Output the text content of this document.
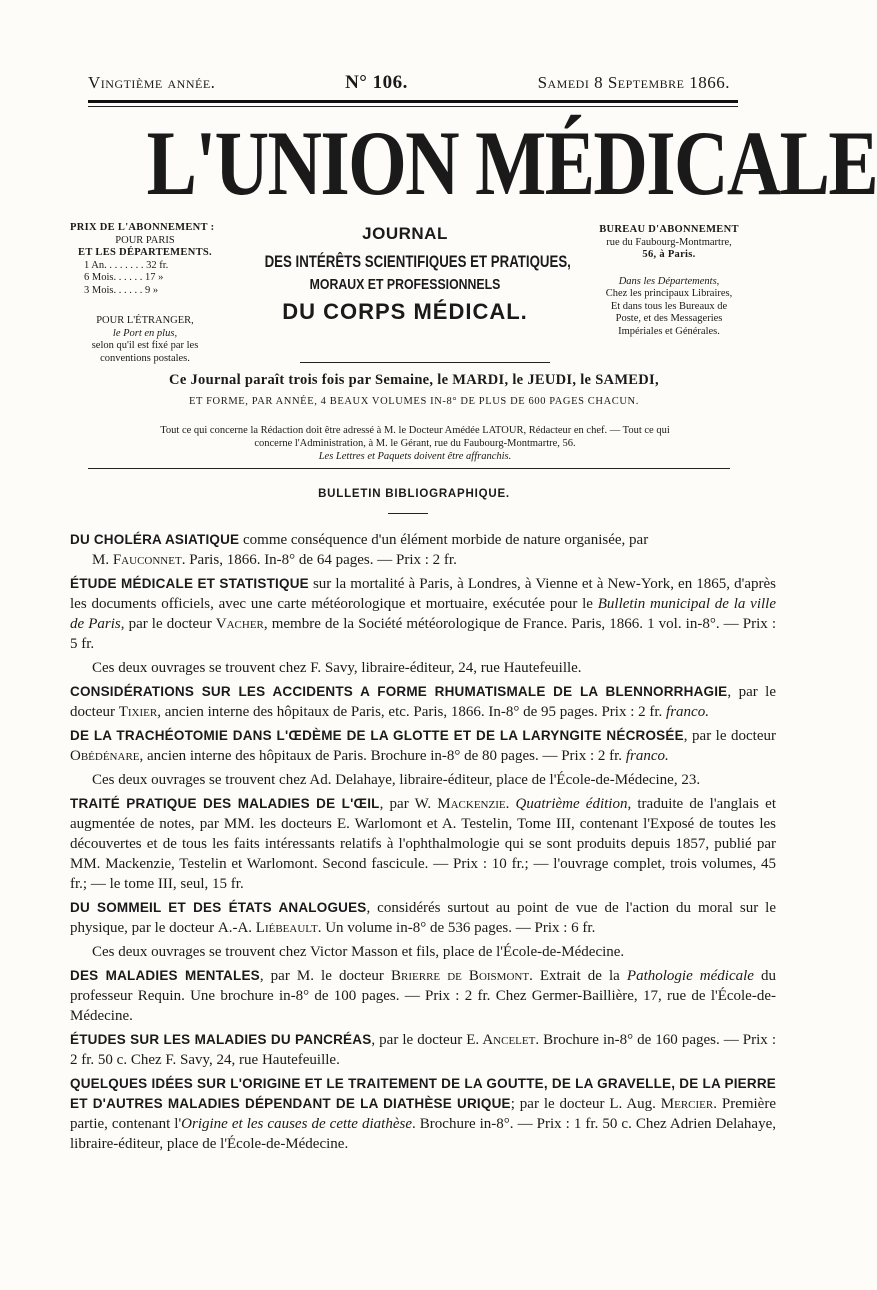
Vingtième année.	N° 106.	Samedi 8 Septembre 1866.
L'UNION MÉDICALE
PRIX DE L'ABONNEMENT :
POUR PARIS
ET LES DÉPARTEMENTS.
1 An. . . . . . . . 32 fr.
6 Mois. . . . . . 17 »
3 Mois. . . . . . 9 »
POUR L'ÉTRANGER,
le Port en plus,
selon qu'il est fixé par les
conventions postales.
JOURNAL
DES INTÉRÊTS SCIENTIFIQUES ET PRATIQUES,
MORAUX ET PROFESSIONNELS
DU CORPS MÉDICAL.
BUREAU D'ABONNEMENT
rue du Faubourg-Montmartre,
56, à Paris.
Dans les Départements,
Chez les principaux Libraires,
Et dans tous les Bureaux de
Poste, et des Messageries
Impériales et Générales.
Ce Journal paraît trois fois par Semaine, le MARDI, le JEUDI, le SAMEDI,
ET FORME, PAR ANNÉE, 4 BEAUX VOLUMES IN-8° DE PLUS DE 600 PAGES CHACUN.
Tout ce qui concerne la Rédaction doit être adressé à M. le Docteur Amédée LATOUR, Rédacteur en chef. — Tout ce qui
concerne l'Administration, à M. le Gérant, rue du Faubourg-Montmartre, 56.
Les Lettres et Paquets doivent être affranchis.
BULLETIN BIBLIOGRAPHIQUE.
DU CHOLÉRA ASIATIQUE comme conséquence d'un élément morbide de nature organisée, par
M. Fauconnet. Paris, 1866. In-8° de 64 pages. — Prix : 2 fr.
ÉTUDE MÉDICALE ET STATISTIQUE sur la mortalité à Paris, à Londres, à Vienne et à New-York, en 1865, d'après les documents officiels, avec une carte météorologique et mortuaire, exécutée pour le Bulletin municipal de la ville de Paris, par le docteur Vacher, membre de la Société météorologique de France. Paris, 1866. 1 vol. in-8°. — Prix : 5 fr.
Ces deux ouvrages se trouvent chez F. Savy, libraire-éditeur, 24, rue Hautefeuille.
CONSIDÉRATIONS SUR LES ACCIDENTS A FORME RHUMATISMALE DE LA BLENNORRHAGIE, par le docteur Tixier, ancien interne des hôpitaux de Paris, etc. Paris, 1866. In-8° de 95 pages. Prix : 2 fr. franco.
DE LA TRACHÉOTOMIE DANS L'ŒDÈME DE LA GLOTTE ET DE LA LARYNGITE NÉCROSÉE, par le docteur Obédénare, ancien interne des hôpitaux de Paris. Brochure in-8° de 80 pages. — Prix : 2 fr. franco.
Ces deux ouvrages se trouvent chez Ad. Delahaye, libraire-éditeur, place de l'École-de-Médecine, 23.
TRAITÉ PRATIQUE DES MALADIES DE L'ŒIL, par W. Mackenzie. Quatrième édition, traduite de l'anglais et augmentée de notes, par MM. les docteurs E. Warlomont et A. Testelin, Tome III, contenant l'Exposé de toutes les découvertes et de tous les faits intéressants relatifs à l'ophthalmologie qui se sont produits depuis 1857, publié par MM. Mackenzie, Testelin et Warlomont. Second fascicule. — Prix : 10 fr.; — l'ouvrage complet, trois volumes, 45 fr.; — le tome III, seul, 15 fr.
DU SOMMEIL ET DES ÉTATS ANALOGUES, considérés surtout au point de vue de l'action du moral sur le physique, par le docteur A.-A. Liébeault. Un volume in-8° de 536 pages. — Prix : 6 fr.
Ces deux ouvrages se trouvent chez Victor Masson et fils, place de l'École-de-Médecine.
DES MALADIES MENTALES, par M. le docteur Brierre de Boismont. Extrait de la Pathologie médicale du professeur Requin. Une brochure in-8° de 100 pages. — Prix : 2 fr. Chez Germer-Baillière, 17, rue de l'École-de-Médecine.
ÉTUDES SUR LES MALADIES DU PANCRÉAS, par le docteur E. Ancelet. Brochure in-8° de 160 pages. — Prix : 2 fr. 50 c. Chez F. Savy, 24, rue Hautefeuille.
QUELQUES IDÉES SUR L'ORIGINE ET LE TRAITEMENT DE LA GOUTTE, DE LA GRAVELLE, DE LA PIERRE ET D'AUTRES MALADIES DÉPENDANT DE LA DIATHÈSE URIQUE; par le docteur L. Aug. Mercier. Première partie, contenant l'Origine et les causes de cette diathèse. Brochure in-8°. — Prix : 1 fr. 50 c. Chez Adrien Delahaye, libraire-éditeur, place de l'École-de-Médecine.
